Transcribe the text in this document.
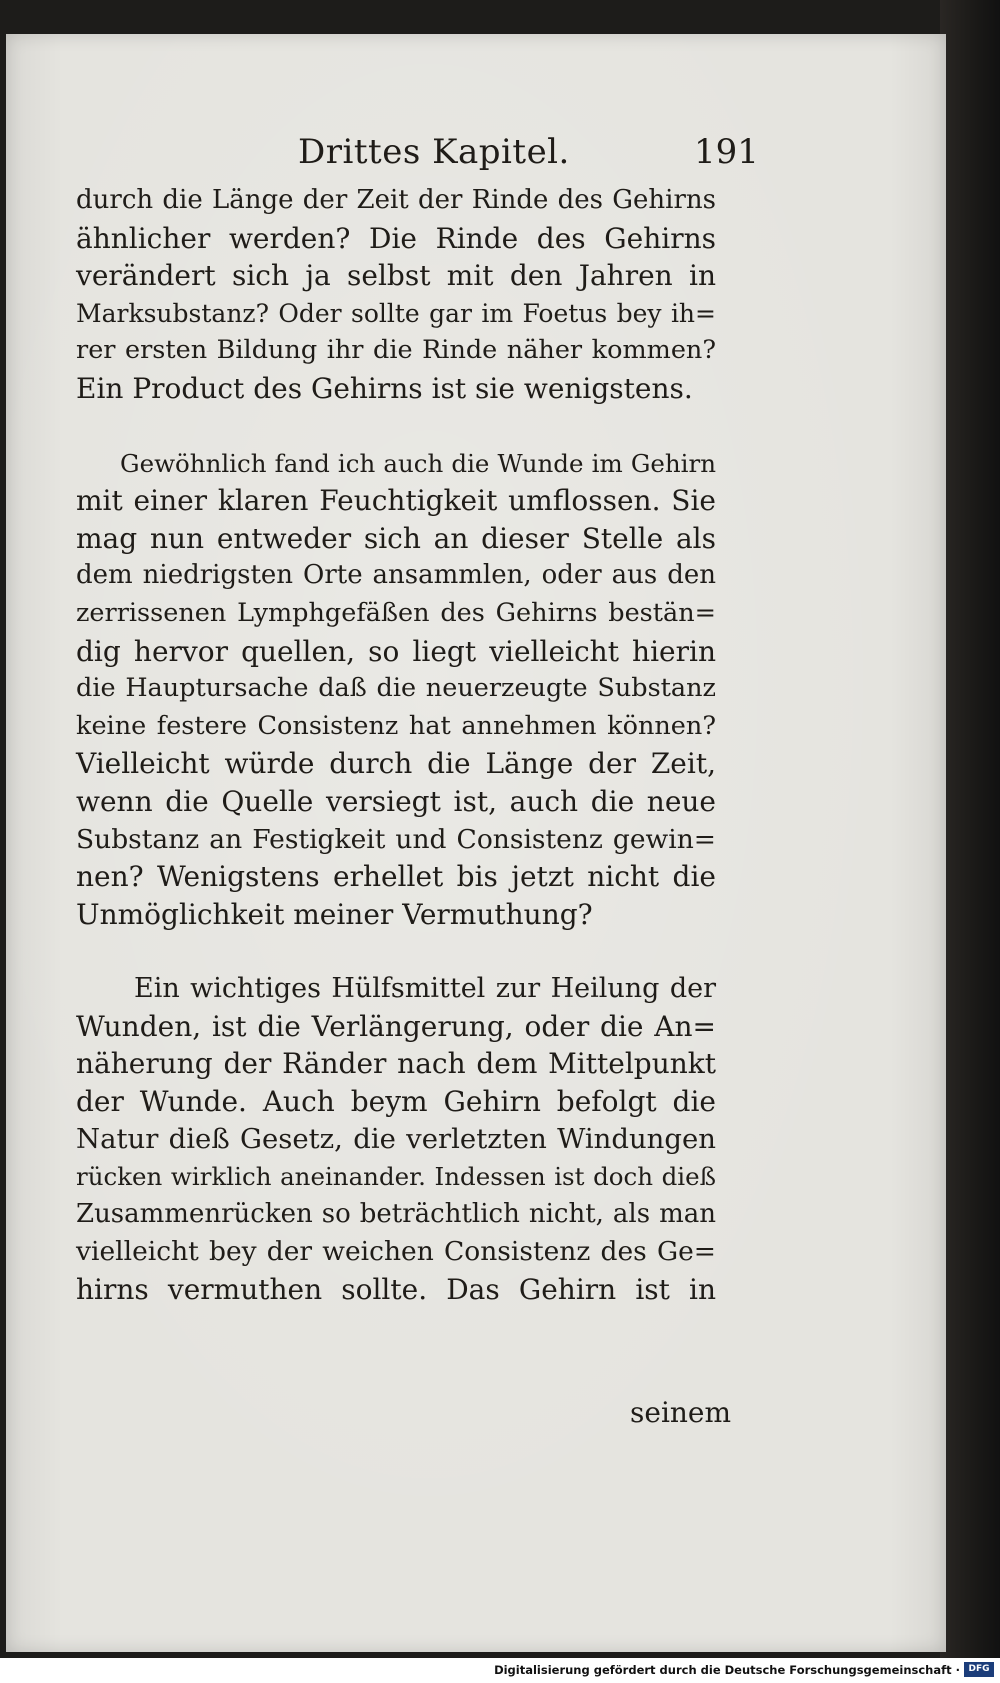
Drittes Kapitel.	191
durch die Länge der Zeit der Rinde des Gehirns
ähnlicher werden? Die Rinde des Gehirns
verändert sich ja selbst mit den Jahren in
Marksubstanz? Oder sollte gar im Foetus bey ih=
rer ersten Bildung ihr die Rinde näher kommen?
Ein Product des Gehirns ist sie wenigstens.
Gewöhnlich fand ich auch die Wunde im Gehirn
mit einer klaren Feuchtigkeit umflossen. Sie
mag nun entweder sich an dieser Stelle als
dem niedrigsten Orte ansammlen, oder aus den
zerrissenen Lymphgefäßen des Gehirns bestän=
dig hervor quellen, so liegt vielleicht hierin
die Hauptursache daß die neuerzeugte Substanz
keine festere Consistenz hat annehmen können?
Vielleicht würde durch die Länge der Zeit,
wenn die Quelle versiegt ist, auch die neue
Substanz an Festigkeit und Consistenz gewin=
nen? Wenigstens erhellet bis jetzt nicht die
Unmöglichkeit meiner Vermuthung?
Ein wichtiges Hülfsmittel zur Heilung der
Wunden, ist die Verlängerung, oder die An=
näherung der Ränder nach dem Mittelpunkt
der Wunde. Auch beym Gehirn befolgt die
Natur dieß Gesetz, die verletzten Windungen
rücken wirklich aneinander. Indessen ist doch dieß
Zusammenrücken so beträchtlich nicht, als man
vielleicht bey der weichen Consistenz des Ge=
hirns vermuthen sollte. Das Gehirn ist in
seinem
Digitalisierung gefördert durch die Deutsche Forschungsgemeinschaft · DFG
